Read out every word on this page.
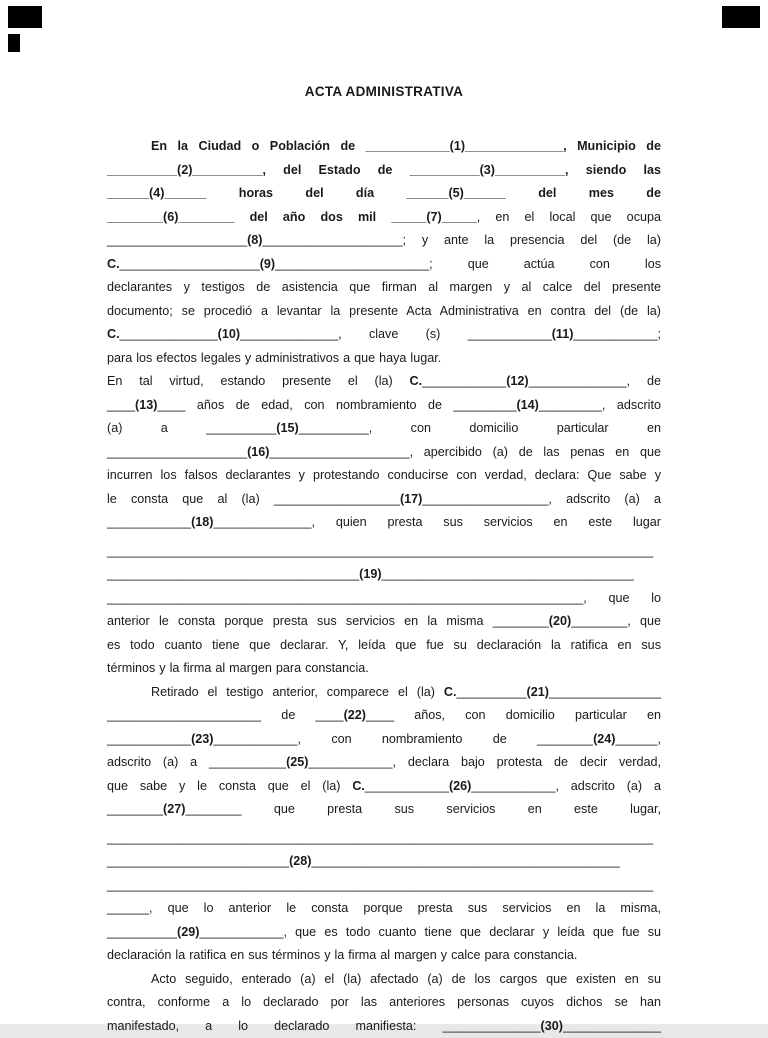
ACTA ADMINISTRATIVA
En la Ciudad o Población de ____________(1)______________, Municipio de
__________(2)__________, del Estado de __________(3)__________, siendo las
______(4)______ horas del día ______(5)______ del mes de
________(6)________ del año dos mil _____(7)_____, en el local que ocupa
____________________(8)____________________; y ante la presencia del (de la)
C.____________________(9)______________________; que actúa con los
declarantes y testigos de asistencia que firman al margen y al calce del presente
documento; se procedió a levantar la presente Acta Administrativa en contra del (de la)
C.______________(10)______________, clave (s) ____________(11)____________;
para los efectos legales y administrativos a que haya lugar.
En tal virtud, estando presente el (la) C.____________(12)______________, de
____(13)____ años de edad, con nombramiento de _________(14)_________, adscrito
(a) a __________(15)__________, con domicilio particular en
____________________(16)____________________, apercibido (a) de las penas en que
incurren los falsos declarantes y protestando conducirse con verdad, declara: Que sabe y
le consta que al (la) __________________(17)__________________, adscrito (a) a
____________(18)______________, quien presta sus servicios en este lugar
______________________________________________________________________________
____________________________________(19)____________________________________
____________________________________________________________________, que lo
anterior le consta porque presta sus servicios en la misma ________(20)________, que
es todo cuanto tiene que declarar. Y, leída que fue su declaración la ratifica en sus
términos y la firma al margen para constancia.
Retirado el testigo anterior, comparece el (la) C.__________(21)________________
______________________ de ____(22)____ años, con domicilio particular en
____________(23)____________, con nombramiento de ________(24)______,
adscrito (a) a ___________(25)____________, declara bajo protesta de decir verdad,
que sabe y le consta que el (la) C.____________(26)____________, adscrito (a) a
________(27)________ que presta sus servicios en este lugar,
______________________________________________________________________________
__________________________(28)____________________________________________
______________________________________________________________________________
______, que lo anterior le consta porque presta sus servicios en la misma,
__________(29)____________, que es todo cuanto tiene que declarar y leída que fue su
declaración la ratifica en sus términos y la firma al margen y calce para constancia.
Acto seguido, enterado (a) el (la) afectado (a) de los cargos que existen en su
contra, conforme a lo declarado por las anteriores personas cuyos dichos se han
manifestado, a lo declarado manifiesta: ______________(30)______________
